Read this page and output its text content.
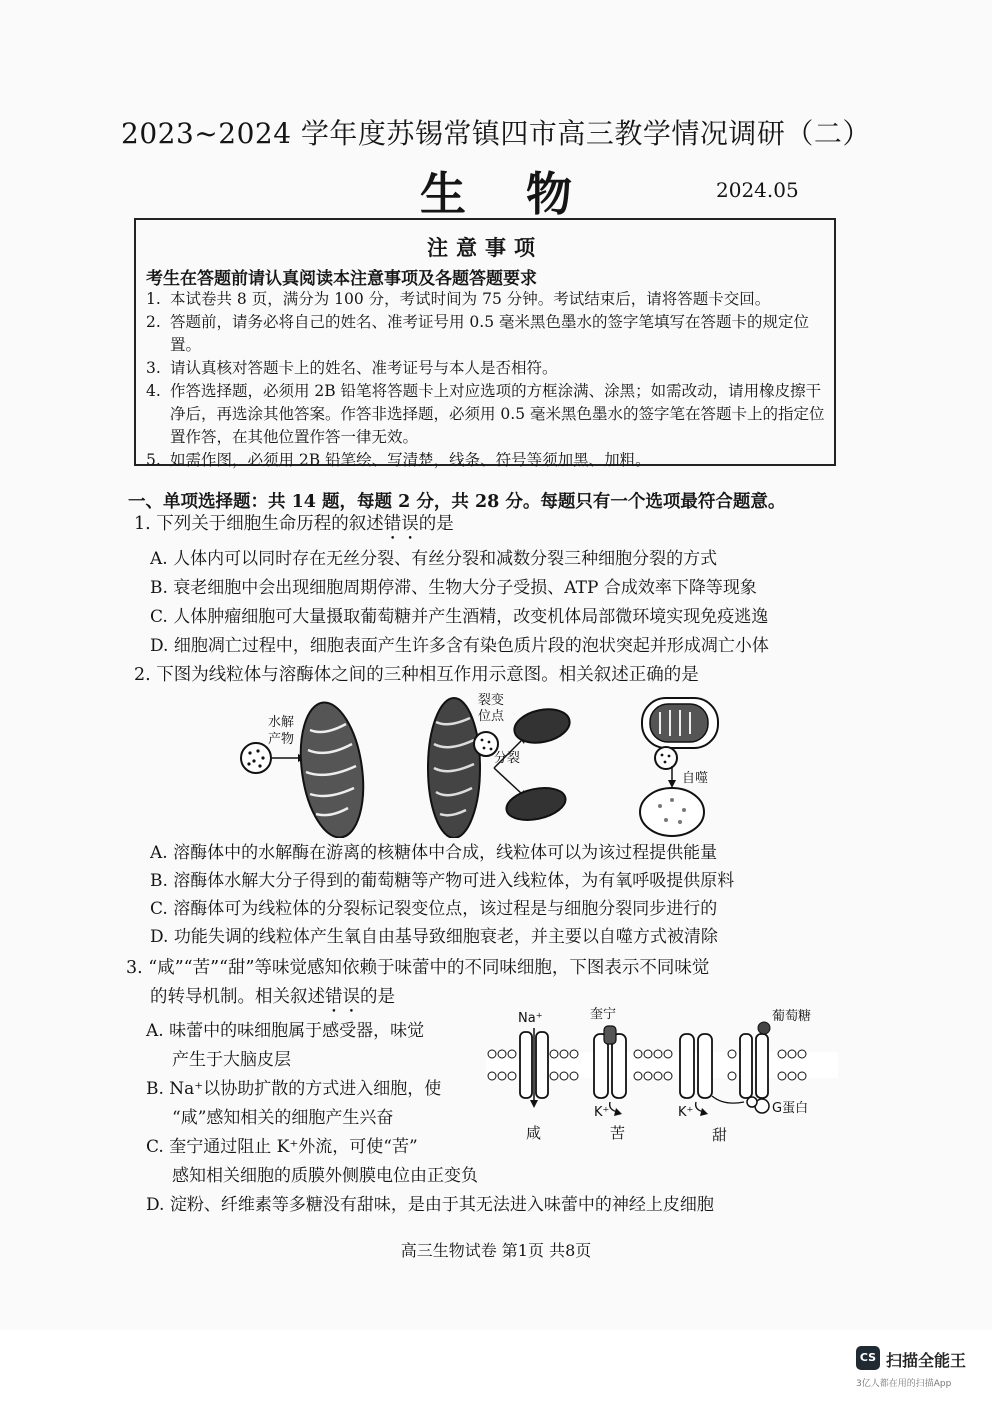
2023~2024 学年度苏锡常镇四市高三教学情况调研（二）
生物	2024.05
注意事项
考生在答题前请认真阅读本注意事项及各题答题要求
1. 本试卷共 8 页，满分为 100 分，考试时间为 75 分钟。考试结束后，请将答题卡交回。
2. 答题前，请务必将自己的姓名、准考证号用 0.5 毫米黑色墨水的签字笔填写在答题卡的规定位置。
3. 请认真核对答题卡上的姓名、准考证号与本人是否相符。
4. 作答选择题，必须用 2B 铅笔将答题卡上对应选项的方框涂满、涂黑；如需改动，请用橡皮擦干净后，再选涂其他答案。作答非选择题，必须用 0.5 毫米黑色墨水的签字笔在答题卡上的指定位置作答，在其他位置作答一律无效。
5. 如需作图，必须用 2B 铅笔绘、写清楚，线条、符号等须加黑、加粗。
一、单项选择题：共 14 题，每题 2 分，共 28 分。每题只有一个选项最符合题意。
1. 下列关于细胞生命历程的叙述错误的是
A. 人体内可以同时存在无丝分裂、有丝分裂和减数分裂三种细胞分裂的方式
B. 衰老细胞中会出现细胞周期停滞、生物大分子受损、ATP 合成效率下降等现象
C. 人体肿瘤细胞可大量摄取葡萄糖并产生酒精，改变机体局部微环境实现免疫逃逸
D. 细胞凋亡过程中，细胞表面产生许多含有染色质片段的泡状突起并形成凋亡小体
2. 下图为线粒体与溶酶体之间的三种相互作用示意图。相关叙述正确的是
水解
产物
裂变
位点
分裂
自噬
A. 溶酶体中的水解酶在游离的核糖体中合成，线粒体可以为该过程提供能量
B. 溶酶体水解大分子得到的葡萄糖等产物可进入线粒体，为有氧呼吸提供原料
C. 溶酶体可为线粒体的分裂标记裂变位点，该过程是与细胞分裂同步进行的
D. 功能失调的线粒体产生氧自由基导致细胞衰老，并主要以自噬方式被清除
3. “咸”“苦”“甜”等味觉感知依赖于味蕾中的不同味细胞，下图表示不同味觉
的转导机制。相关叙述错误的是
A. 味蕾中的味细胞属于感受器，味觉
产生于大脑皮层
B. Na⁺以协助扩散的方式进入细胞，使
“咸”感知相关的细胞产生兴奋
C. 奎宁通过阻止 K⁺外流，可使“苦”
感知相关细胞的质膜外侧膜电位由正变负
D. 淀粉、纤维素等多糖没有甜味，是由于其无法进入味蕾中的神经上皮细胞
Na⁺
咸
奎宁
K⁺
苦
葡萄糖
K⁺	G蛋白
甜
高三生物试卷 第1页 共8页
CS 扫描全能王
3亿人都在用的扫描App
